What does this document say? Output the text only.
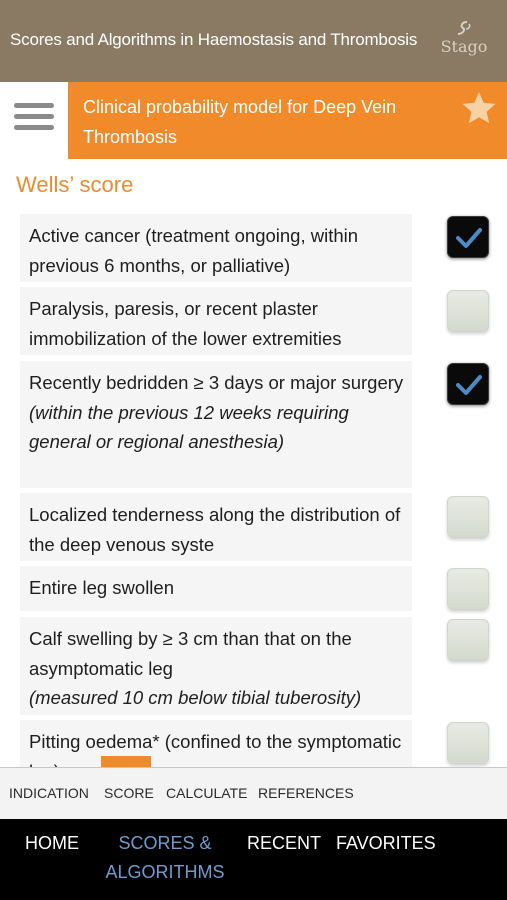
Scores and Algorithms in Haemostasis and Thrombosis Stago
Clinical probability model for Deep Vein Thrombosis
Wells’ score
Active cancer (treatment ongoing, within previous 6 months, or palliative)
Paralysis, paresis, or recent plaster immobilization of the lower extremities
Recently bedridden ≥ 3 days or major surgery
(within the previous 12 weeks requiring general or regional anesthesia)
Localized tenderness along the distribution of the deep venous syste
Entire leg swollen
Calf swelling by ≥ 3 cm than that on the asymptomatic leg
(measured 10 cm below tibial tuberosity)
Pitting oedema* (confined to the symptomatic
INDICATION SCORE CALCULATE REFERENCES
HOME	SCORES & ALGORITHMS
RECENT FAVORITES
